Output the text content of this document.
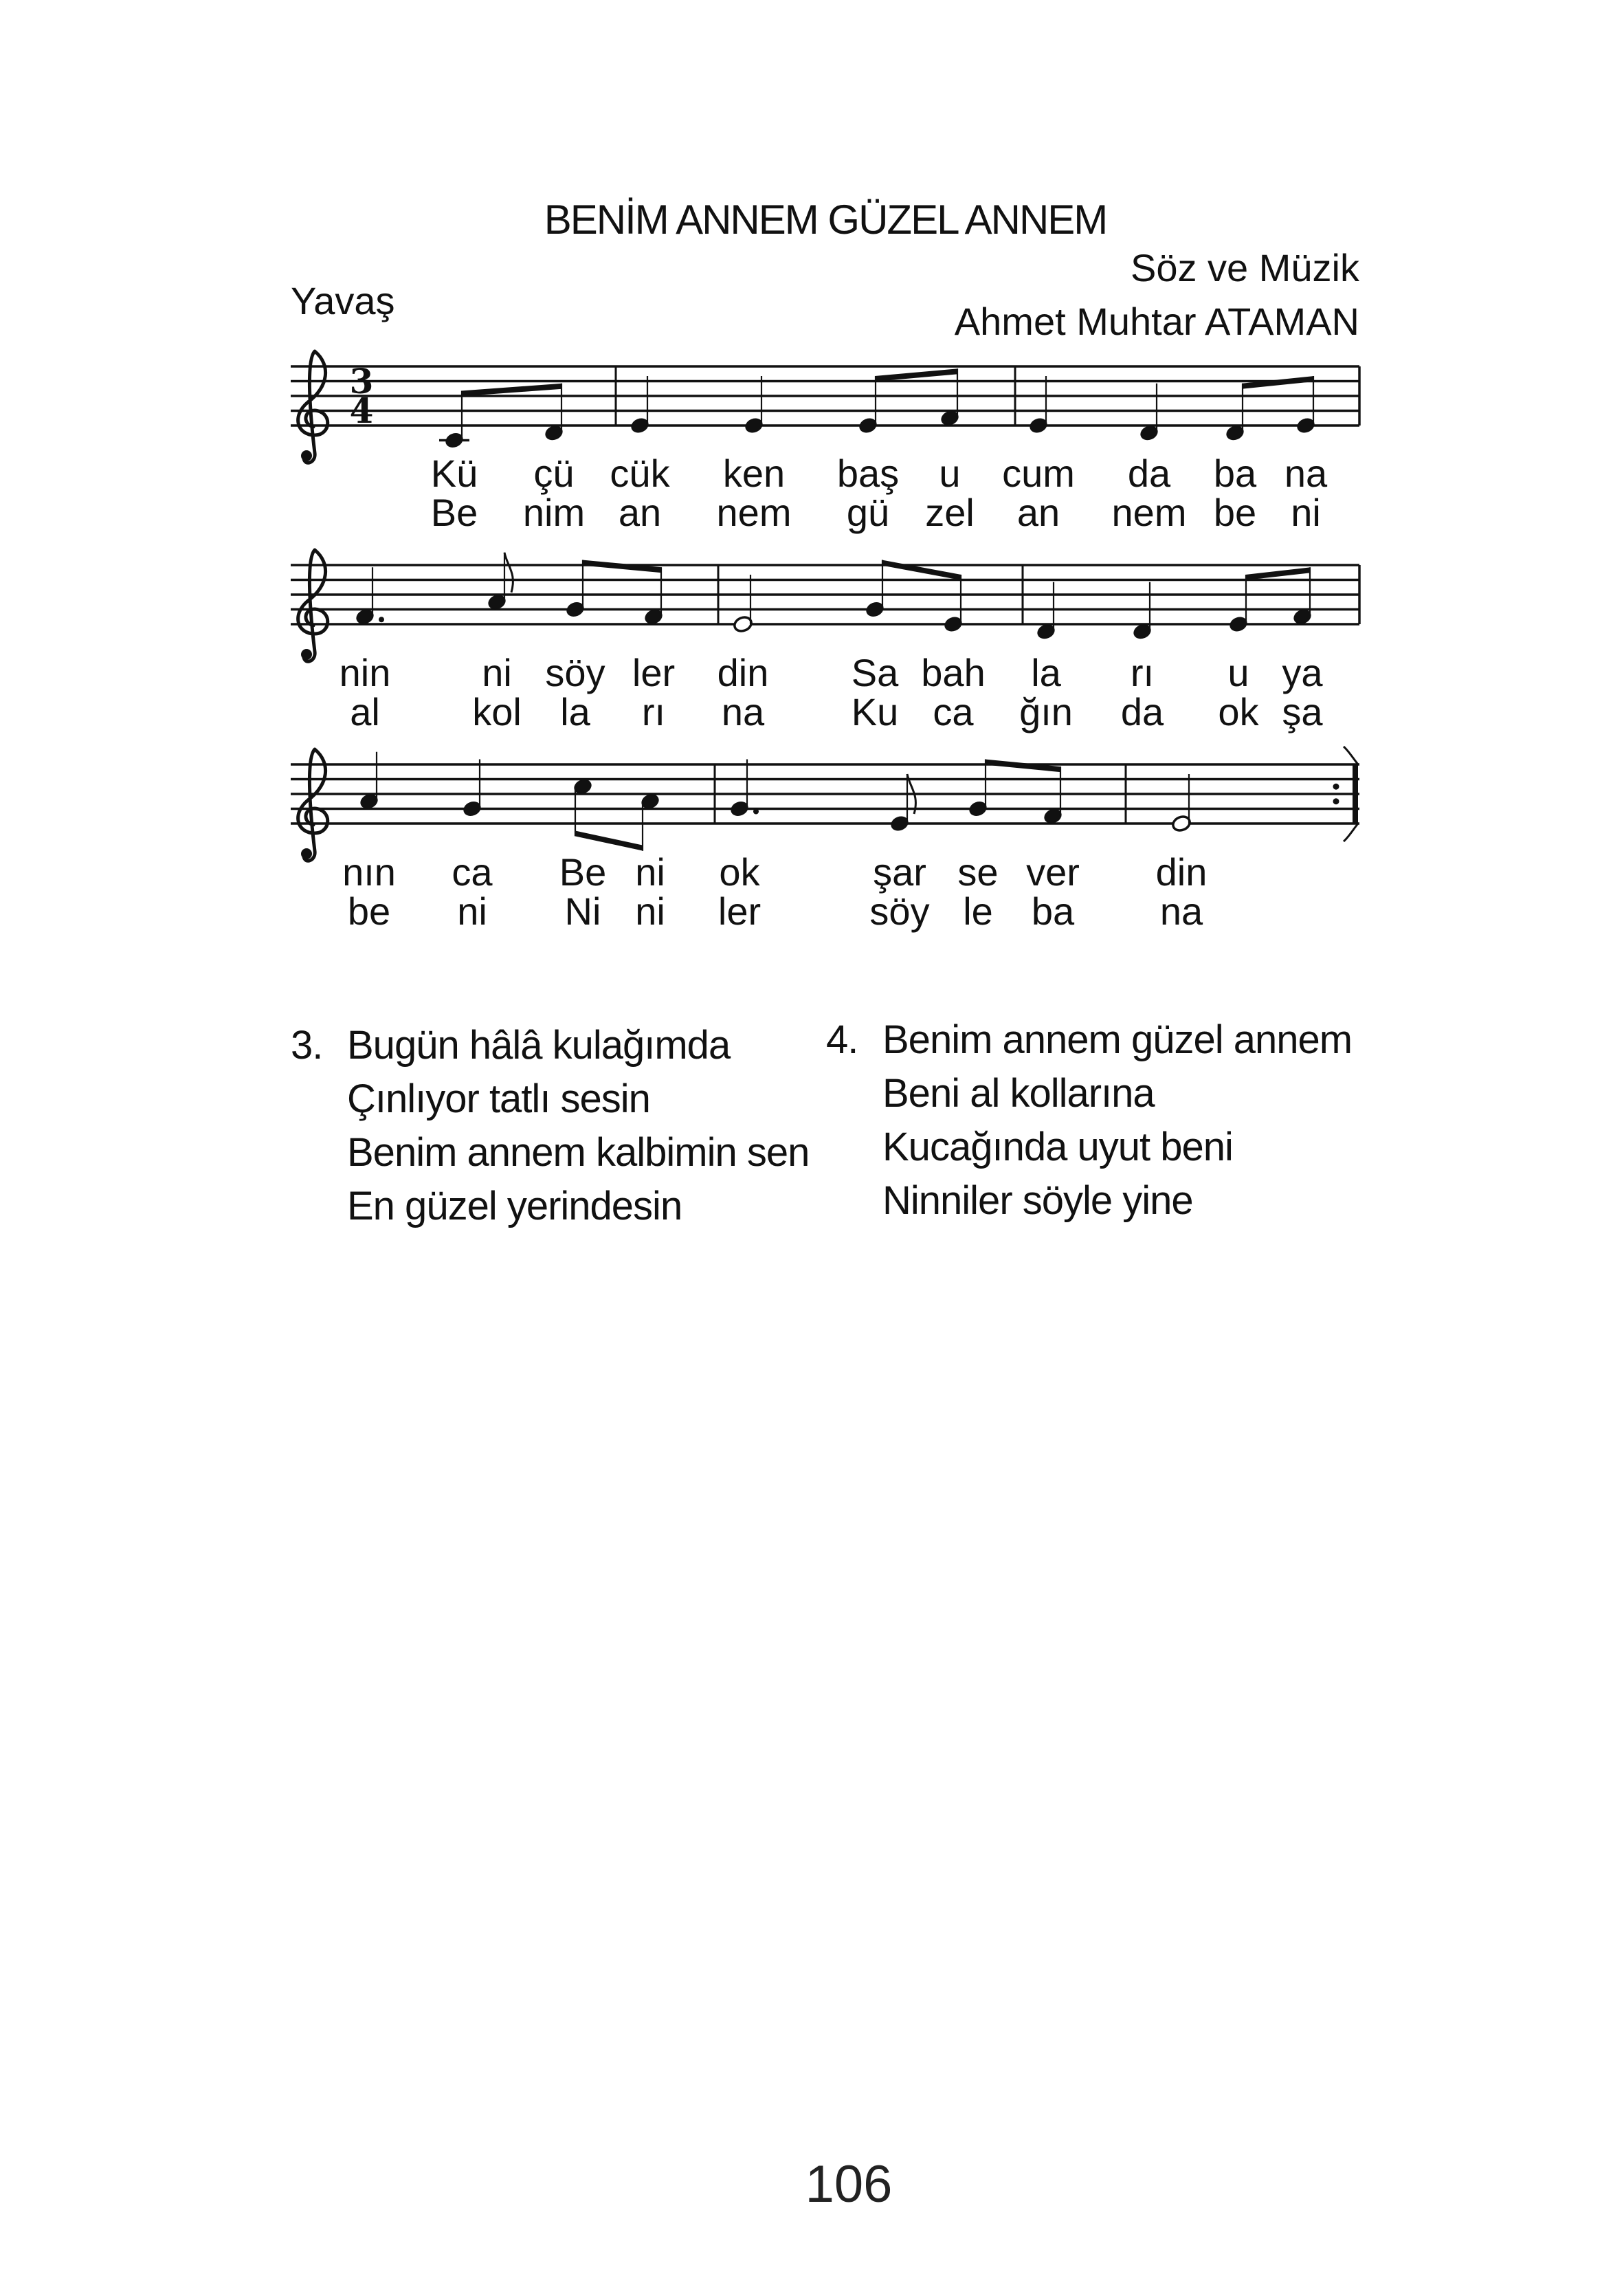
BENİM ANNEM GÜZEL ANNEM
Söz ve Müzik
Ahmet Muhtar ATAMAN
Yavaş
3
4
Kü çü cük ken baş u cum da ba na
Be nim an nem gü zel an nem be ni
nin ni söy ler din Sa bah la rı u ya
al kol la rı na Ku ca ğın da ok şa
nın ca Be ni ok	şar se ver din
be ni Ni ni ler	söy le ba na
3. Bugün hâlâ kulağımda
Çınlıyor tatlı sesin
Benim annem kalbimin sen
En güzel yerindesin
4. Benim annem güzel annem
Beni al kollarına
Kucağında uyut beni
Ninniler söyle yine
106
